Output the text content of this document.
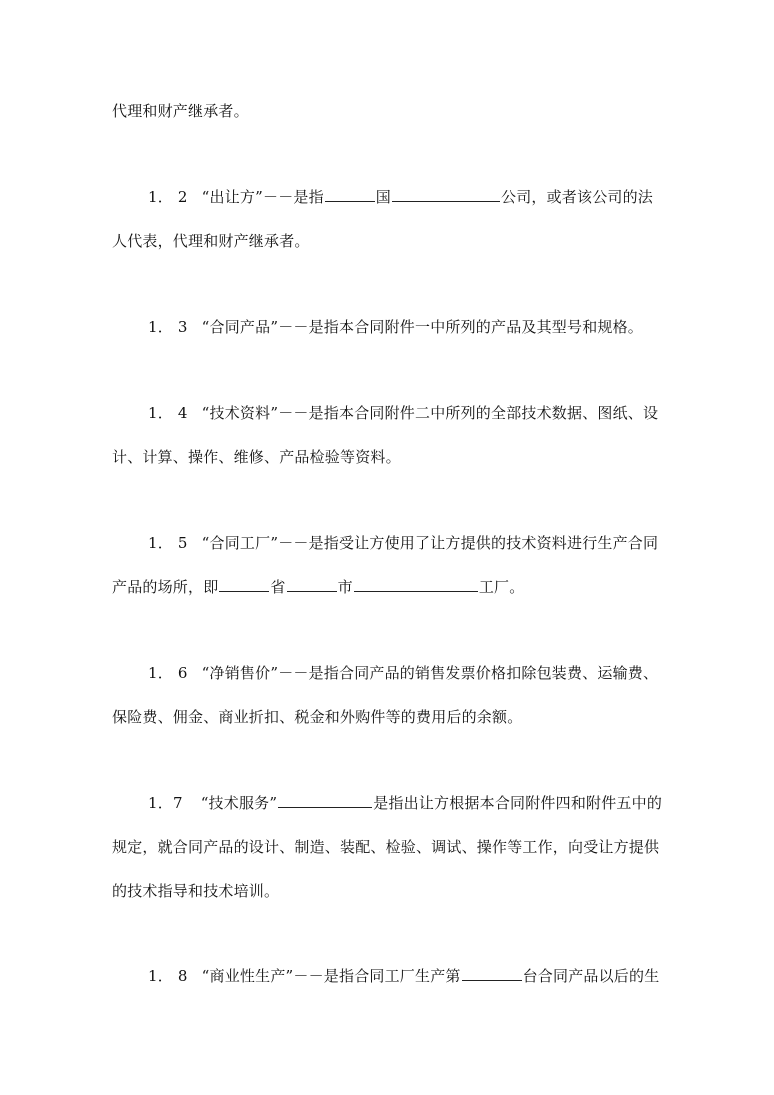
代理和财产继承者。
1． 2 “出让方”－－是指	国	公司，或者该公司的法
人代表，代理和财产继承者。
1． 3 “合同产品”－－是指本合同附件一中所列的产品及其型号和规格。
1． 4 “技术资料”－－是指本合同附件二中所列的全部技术数据、图纸、设
计、计算、操作、维修、产品检验等资料。
1． 5 “合同工厂”－－是指受让方使用了让方提供的技术资料进行生产合同
产品的场所，即	省	市	工厂。
1． 6 “净销售价”－－是指合同产品的销售发票价格扣除包装费、运输费、
保险费、佣金、商业折扣、税金和外购件等的费用后的余额。
1．7 “技术服务”	是指出让方根据本合同附件四和附件五中的
规定，就合同产品的设计、制造、装配、检验、调试、操作等工作，向受让方提供
的技术指导和技术培训。
1． 8 “商业性生产”－－是指合同工厂生产第	台合同产品以后的生
